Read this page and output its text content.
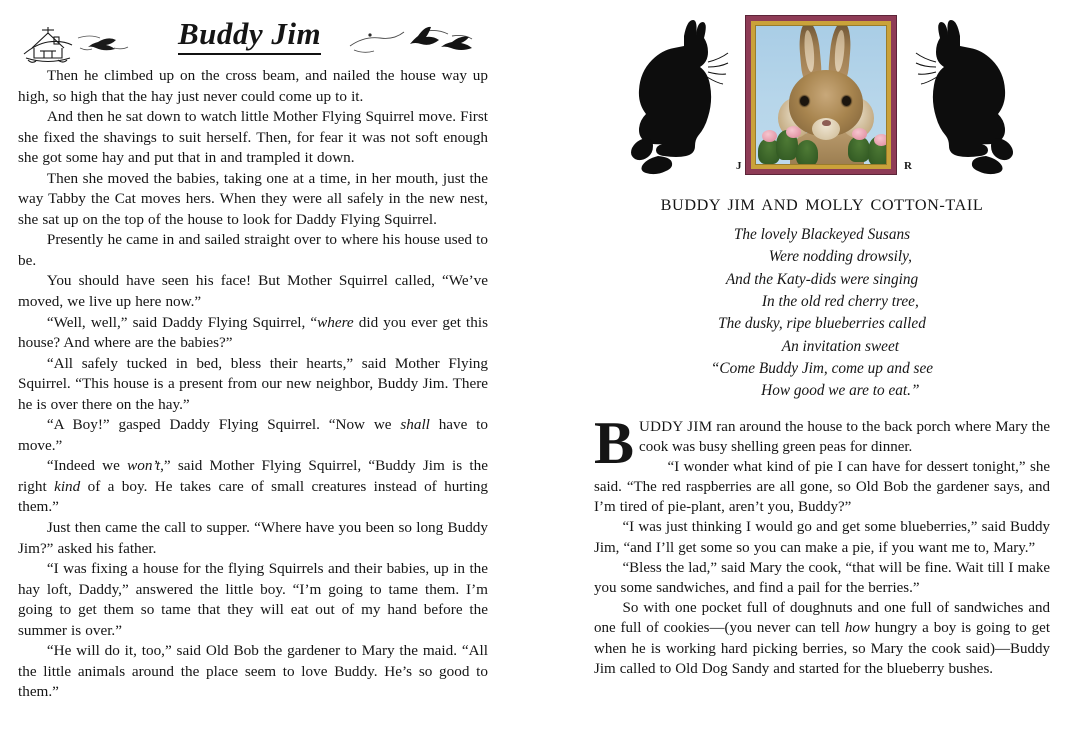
Buddy Jim

Then he climbed up on the cross beam, and nailed the house way up high, so high that the hay just never could come up to it.

And then he sat down to watch little Mother Flying Squirrel move. First she fixed the shavings to suit herself. Then, for fear it was not soft enough she got some hay and put that in and trampled it down.

Then she moved the babies, taking one at a time, in her mouth, just the way Tabby the Cat moves hers. When they were all safely in the new nest, she sat up on the top of the house to look for Daddy Flying Squirrel.

Presently he came in and sailed straight over to where his house used to be.

You should have seen his face! But Mother Squirrel called, “We’ve moved, we live up here now.”

“Well, well,” said Daddy Flying Squirrel, “where did you ever get this house? And where are the babies?”

“All safely tucked in bed, bless their hearts,” said Mother Flying Squirrel. “This house is a present from our new neighbor, Buddy Jim. There he is over there on the hay.”

“A Boy!” gasped Daddy Flying Squirrel. “Now we shall have to move.”

“Indeed we won’t,” said Mother Flying Squirrel, “Buddy Jim is the right kind of a boy. He takes care of small creatures instead of hurting them.”

Just then came the call to supper. “Where have you been so long Buddy Jim?” asked his father.

“I was fixing a house for the flying Squirrels and their babies, up in the hay loft, Daddy,” answered the little boy. “I’m going to tame them. I’m going to get them so tame that they will eat out of my hand before the summer is over.”

“He will do it, too,” said Old Bob the gardener to Mary the maid. “All the little animals around the place seem to love Buddy. He’s so good to them.”

J	R
BUDDY JIM AND MOLLY COTTON-TAIL
The lovely Blackeyed Susans
Were nodding drowsily,
And the Katy-dids were singing
In the old red cherry tree,
The dusky, ripe blueberries called
An invitation sweet
“Come Buddy Jim, come up and see
How good we are to eat.”

BUDDY JIM ran around the house to the back porch where Mary the cook was busy shelling green peas for dinner.

“I wonder what kind of pie I can have for dessert tonight,” she said. “The red raspberries are all gone, so Old Bob the gardener says, and I’m tired of pie-plant, aren’t you, Buddy?”

“I was just thinking I would go and get some blueberries,” said Buddy Jim, “and I’ll get some so you can make a pie, if you want me to, Mary.”

“Bless the lad,” said Mary the cook, “that will be fine. Wait till I make you some sandwiches, and find a pail for the berries.”

So with one pocket full of doughnuts and one full of sandwiches and one full of cookies—(you never can tell how hungry a boy is going to get when he is working hard picking berries, so Mary the cook said)—Buddy Jim called to Old Dog Sandy and started for the blueberry bushes.
